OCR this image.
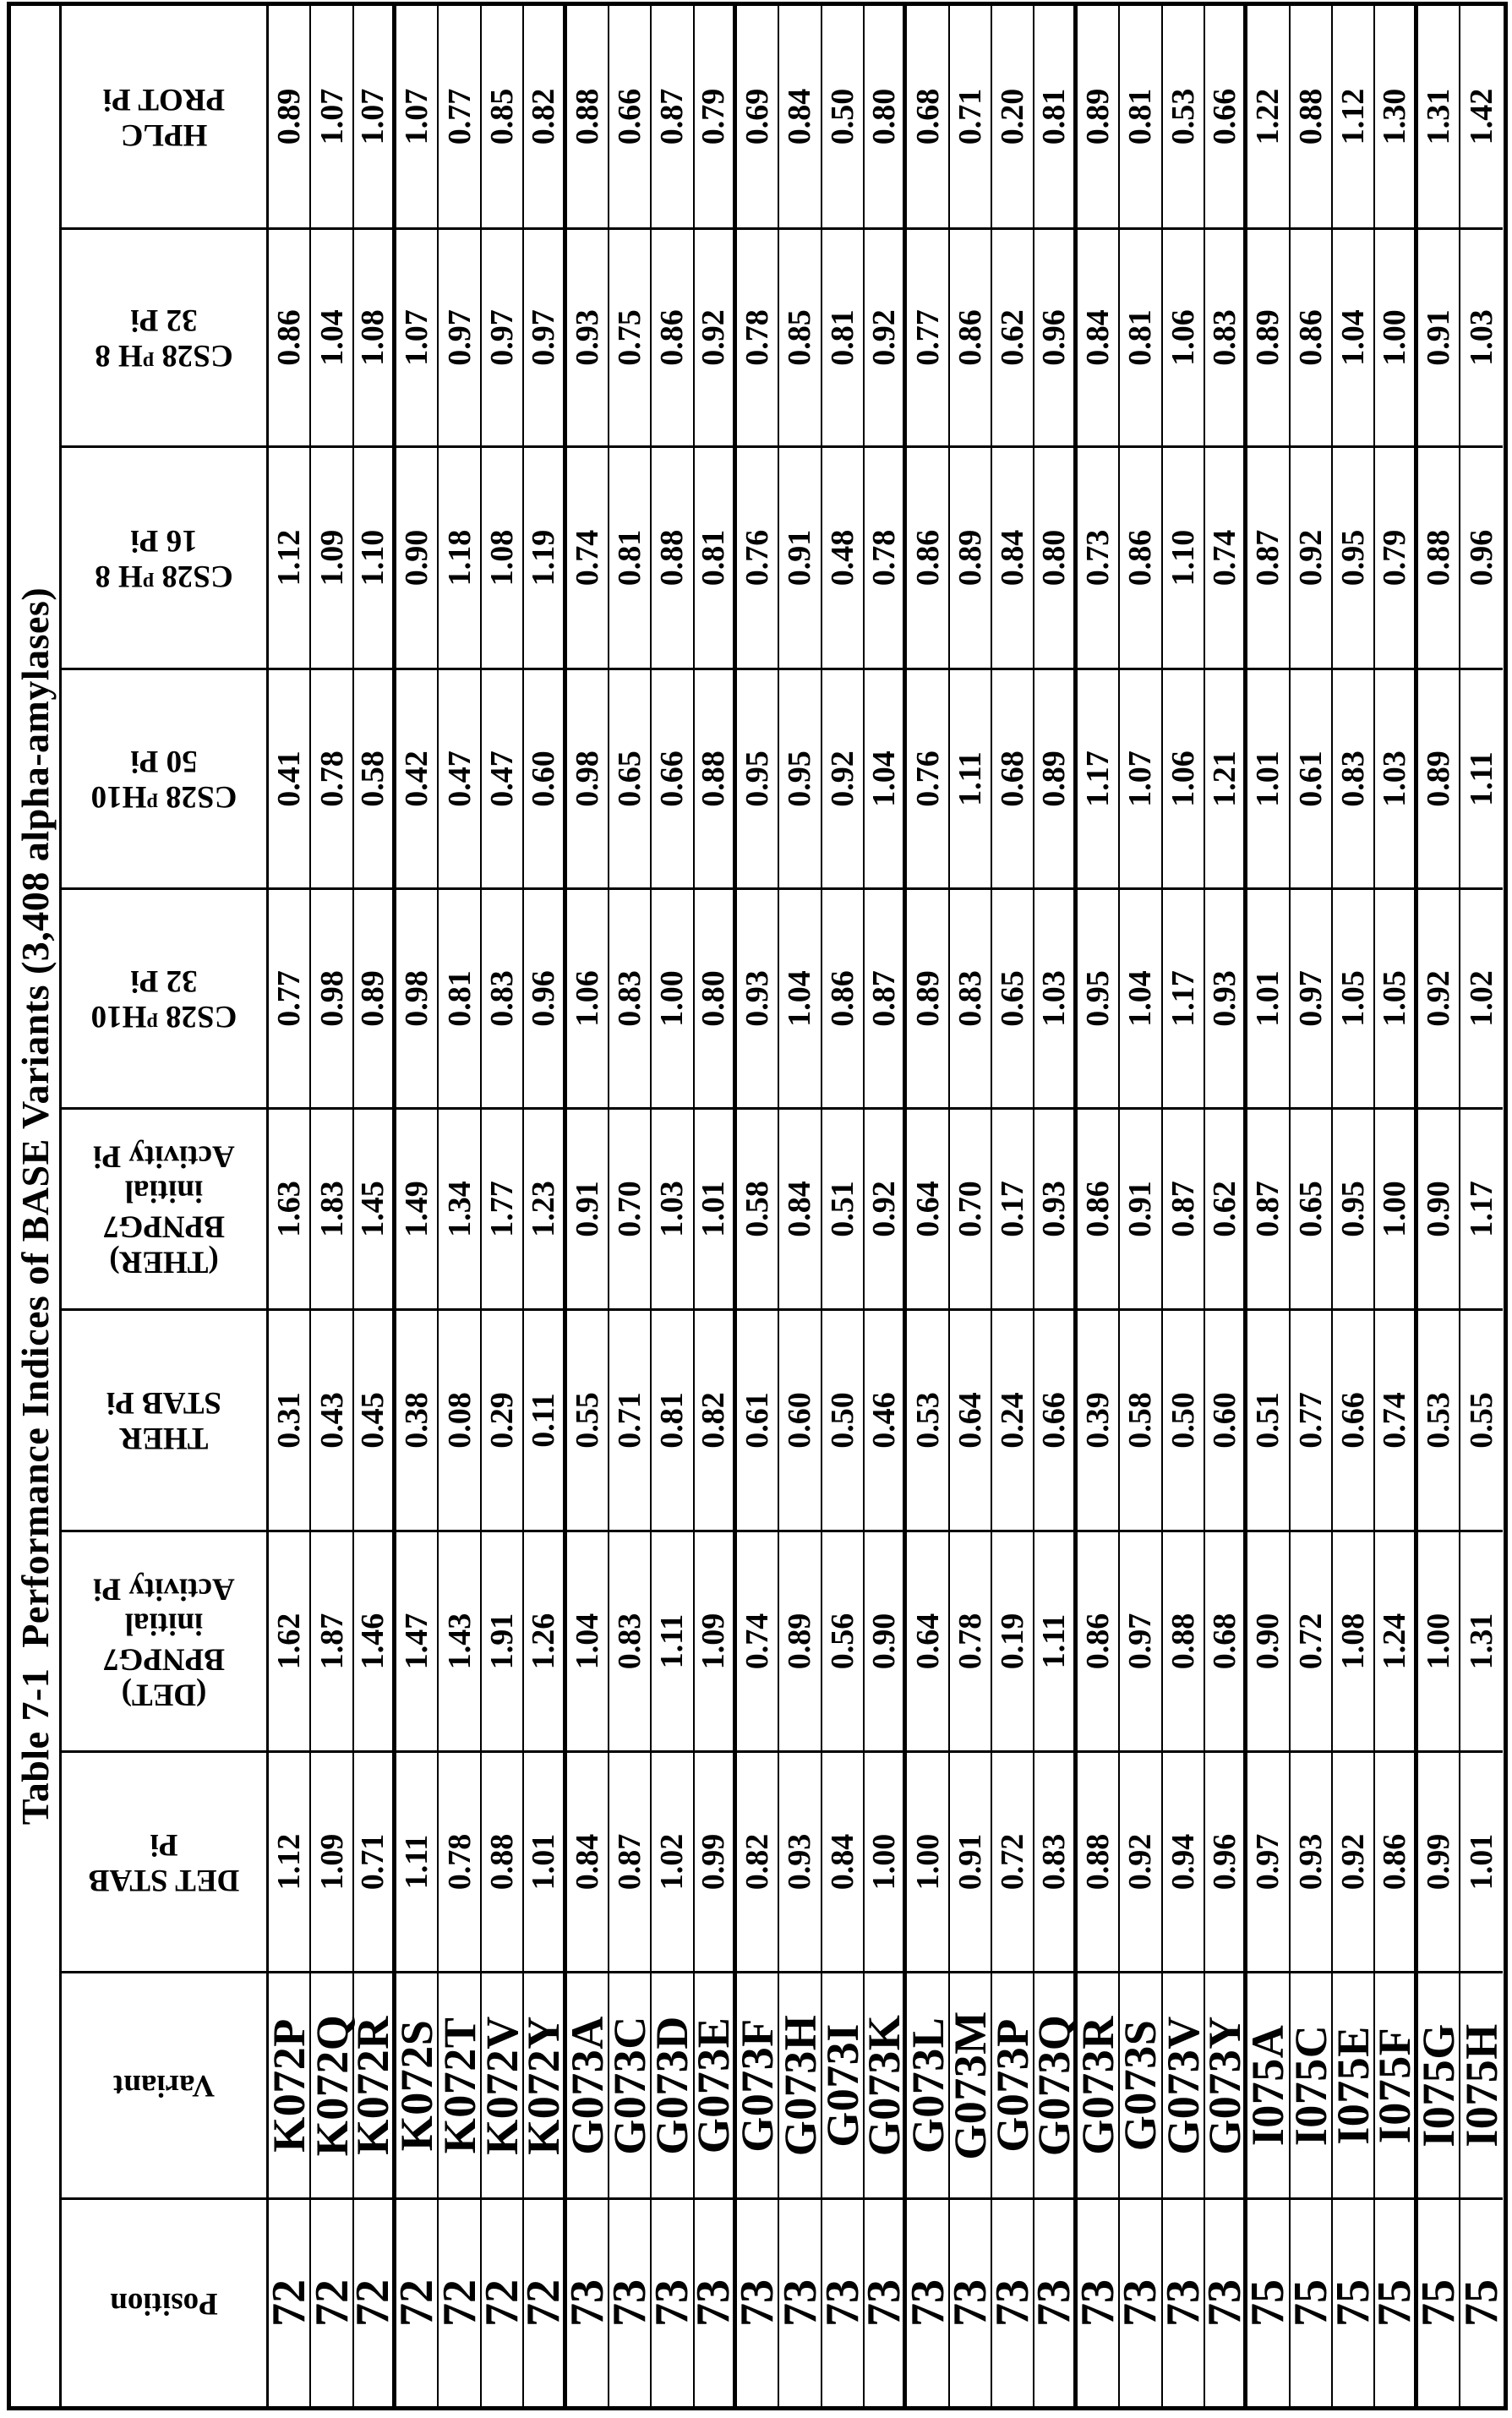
Table 7-1  Performance Indices of BASE Variants (3,408 alpha-amylases)
Position
Variant
DET STAB
Pi
(DET)
BPNPG7
initial
Activity Pi
THER
STAB Pi
(THER)
BPNPG7
initial
Activity Pi
CS28 $^p$H10
32 Pi
CS28 $^p$H10
50 Pi
CS28 $^p$H 8
16 Pi
CS28 $^p$H 8
32 Pi
HPLC
PROT Pi
72
K072P
1.12
1.62
0.31
1.63
0.77
0.41
1.12
0.86
0.89
72
K072Q
1.09
1.87
0.43
1.83
0.98
0.78
1.09
1.04
1.07
72
K072R
0.71
1.46
0.45
1.45
0.89
0.58
1.10
1.08
1.07
72
K072S
1.11
1.47
0.38
1.49
0.98
0.42
0.90
1.07
1.07
72
K072T
0.78
1.43
0.08
1.34
0.81
0.47
1.18
0.97
0.77
72
K072V
0.88
1.91
0.29
1.77
0.83
0.47
1.08
0.97
0.85
72
K072Y
1.01
1.26
0.11
1.23
0.96
0.60
1.19
0.97
0.82
73
G073A
0.84
1.04
0.55
0.91
1.06
0.98
0.74
0.93
0.88
73
G073C
0.87
0.83
0.71
0.70
0.83
0.65
0.81
0.75
0.66
73
G073D
1.02
1.11
0.81
1.03
1.00
0.66
0.88
0.86
0.87
73
G073E
0.99
1.09
0.82
1.01
0.80
0.88
0.81
0.92
0.79
73
G073F
0.82
0.74
0.61
0.58
0.93
0.95
0.76
0.78
0.69
73
G073H
0.93
0.89
0.60
0.84
1.04
0.95
0.91
0.85
0.84
73
G073I
0.84
0.56
0.50
0.51
0.86
0.92
0.48
0.81
0.50
73
G073K
1.00
0.90
0.46
0.92
0.87
1.04
0.78
0.92
0.80
73
G073L
1.00
0.64
0.53
0.64
0.89
0.76
0.86
0.77
0.68
73
G073M
0.91
0.78
0.64
0.70
0.83
1.11
0.89
0.86
0.71
73
G073P
0.72
0.19
0.24
0.17
0.65
0.68
0.84
0.62
0.20
73
G073Q
0.83
1.11
0.66
0.93
1.03
0.89
0.80
0.96
0.81
73
G073R
0.88
0.86
0.39
0.86
0.95
1.17
0.73
0.84
0.89
73
G073S
0.92
0.97
0.58
0.91
1.04
1.07
0.86
0.81
0.81
73
G073V
0.94
0.88
0.50
0.87
1.17
1.06
1.10
1.06
0.53
73
G073Y
0.96
0.68
0.60
0.62
0.93
1.21
0.74
0.83
0.66
75
I075A
0.97
0.90
0.51
0.87
1.01
1.01
0.87
0.89
1.22
75
I075C
0.93
0.72
0.77
0.65
0.97
0.61
0.92
0.86
0.88
75
I075E
0.92
1.08
0.66
0.95
1.05
0.83
0.95
1.04
1.12
75
I075F
0.86
1.24
0.74
1.00
1.05
1.03
0.79
1.00
1.30
75
I075G
0.99
1.00
0.53
0.90
0.92
0.89
0.88
0.91
1.31
75
I075H
1.01
1.31
0.55
1.17
1.02
1.11
0.96
1.03
1.42
